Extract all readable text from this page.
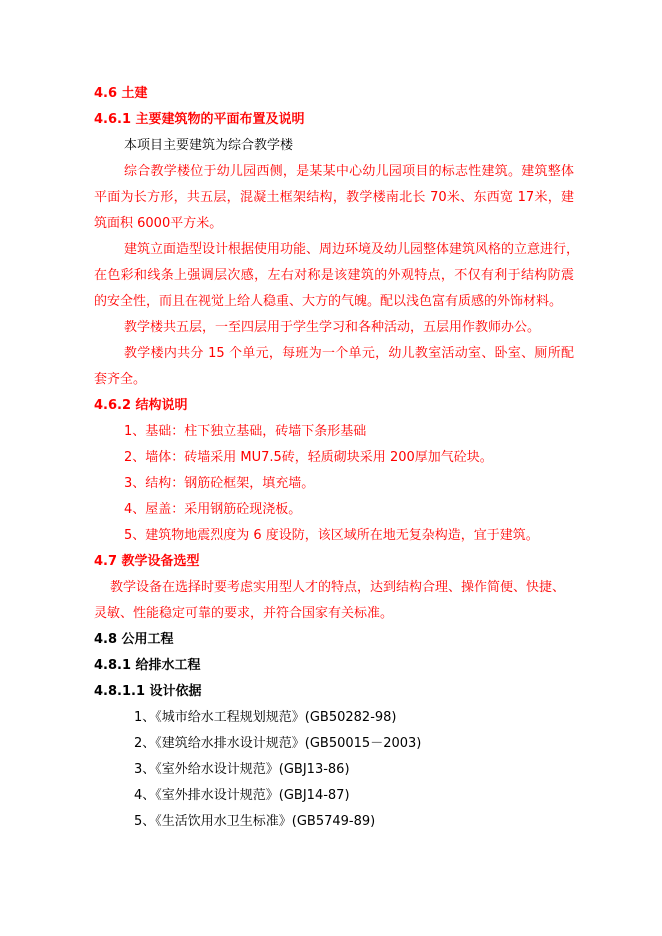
4.6 土建
4.6.1 主要建筑物的平面布置及说明
本项目主要建筑为综合教学楼
综合教学楼位于幼儿园西侧，是某某中心幼儿园项目的标志性建筑。建筑整体
平面为长方形，共五层，混凝土框架结构，教学楼南北长 70米、东西宽 17米，建
筑面积 6000平方米。
建筑立面造型设计根据使用功能、周边环境及幼儿园整体建筑风格的立意进行，
在色彩和线条上强调层次感，左右对称是该建筑的外观特点，不仅有利于结构防震
的安全性，而且在视觉上给人稳重、大方的气魄。配以浅色富有质感的外饰材料。
教学楼共五层，一至四层用于学生学习和各种活动，五层用作教师办公。
教学楼内共分 15 个单元，每班为一个单元，幼儿教室活动室、卧室、厕所配
套齐全。
4.6.2 结构说明
1、基础：柱下独立基础，砖墙下条形基础
2、墙体：砖墙采用 MU7.5砖，轻质砌块采用 200厚加气砼块。
3、结构：钢筋砼框架，填充墙。
4、屋盖：采用钢筋砼现浇板。
5、建筑物地震烈度为 6 度设防，该区域所在地无复杂构造，宜于建筑。
4.7 教学设备选型
教学设备在选择时要考虑实用型人才的特点，达到结构合理、操作简便、快捷、
灵敏、性能稳定可靠的要求，并符合国家有关标准。
4.8 公用工程
4.8.1 给排水工程
4.8.1.1 设计依据
1、《城市给水工程规划规范》(GB50282-98)
2、《建筑给水排水设计规范》(GB50015－2003)
3、《室外给水设计规范》(GBJ13-86)
4、《室外排水设计规范》(GBJ14-87)
5、《生活饮用水卫生标准》(GB5749-89)
